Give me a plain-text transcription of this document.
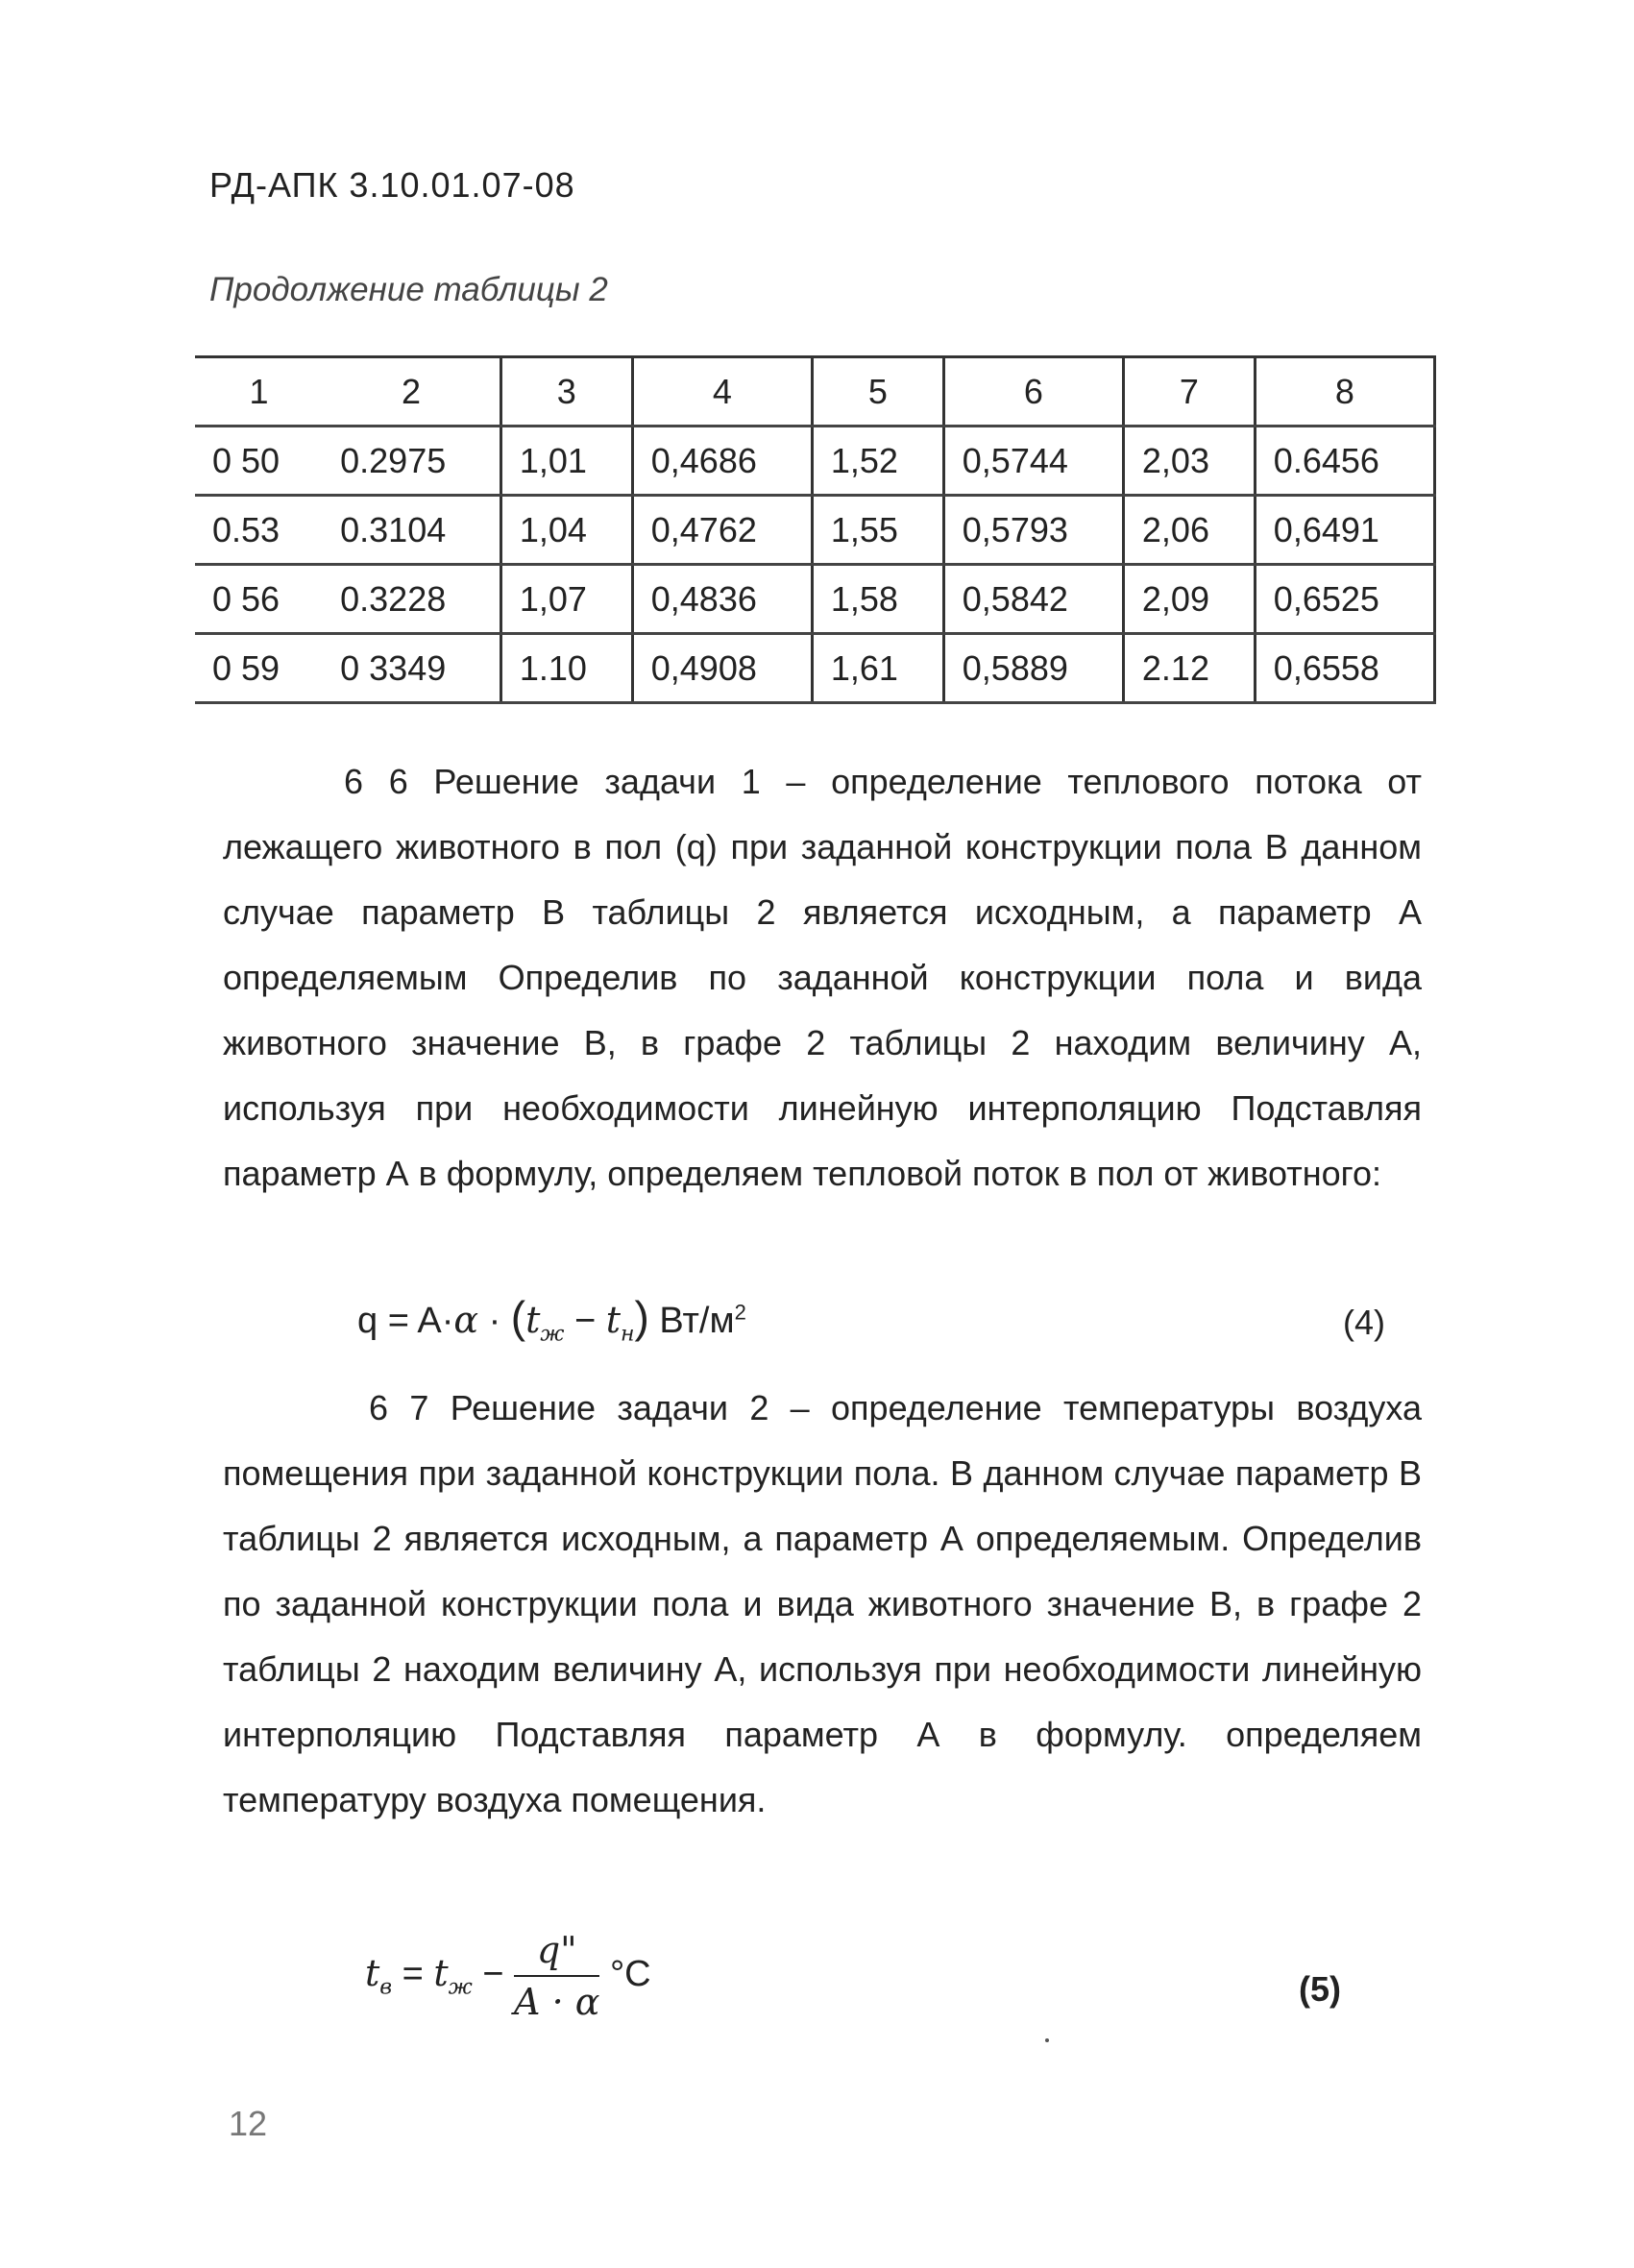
РД-АПК 3.10.01.07-08
Продолжение таблицы 2
1	2	3	4	5	6	7	8
0 50	0.2975	1,01	0,4686	1,52	0,5744	2,03	0.6456
0.53	0.3104	1,04	0,4762	1,55	0,5793	2,06	0,6491
0 56	0.3228	1,07	0,4836	1,58	0,5842	2,09	0,6525
0 59	0 3349	1.10	0,4908	1,61	0,5889	2.12	0,6558

6 6 Решение задачи 1 – определение теплового потока от лежащего животного в пол (q) при заданной конструкции пола В данном случае параметр В таблицы 2 является исходным, а параметр А определяемым Определив по заданной конструкции пола и вида животного значение В, в графе 2 таблицы 2 находим величину А, используя при необходимости линейную интерполяцию Подставляя параметр А в формулу, определяем тепловой поток в пол от животного:

$q = A\cdot\alpha \cdot (t_ж - t_н)$ $Вт/м^2$	(4)

6 7 Решение задачи 2 – определение температуры воздуха помещения при заданной конструкции пола. В данном случае параметр В таблицы 2 является исходным, а параметр А определяемым. Определив по заданной конструкции пола и вида животного значение В, в графе 2 таблицы 2 находим величину А, используя при необходимости линейную интерполяцию Подставляя параметр А в формулу. определяем температуру воздуха помещения.

$t_в = t_ж - \frac{q"}{A \cdot \alpha} ^\circ C$	(5)
12
